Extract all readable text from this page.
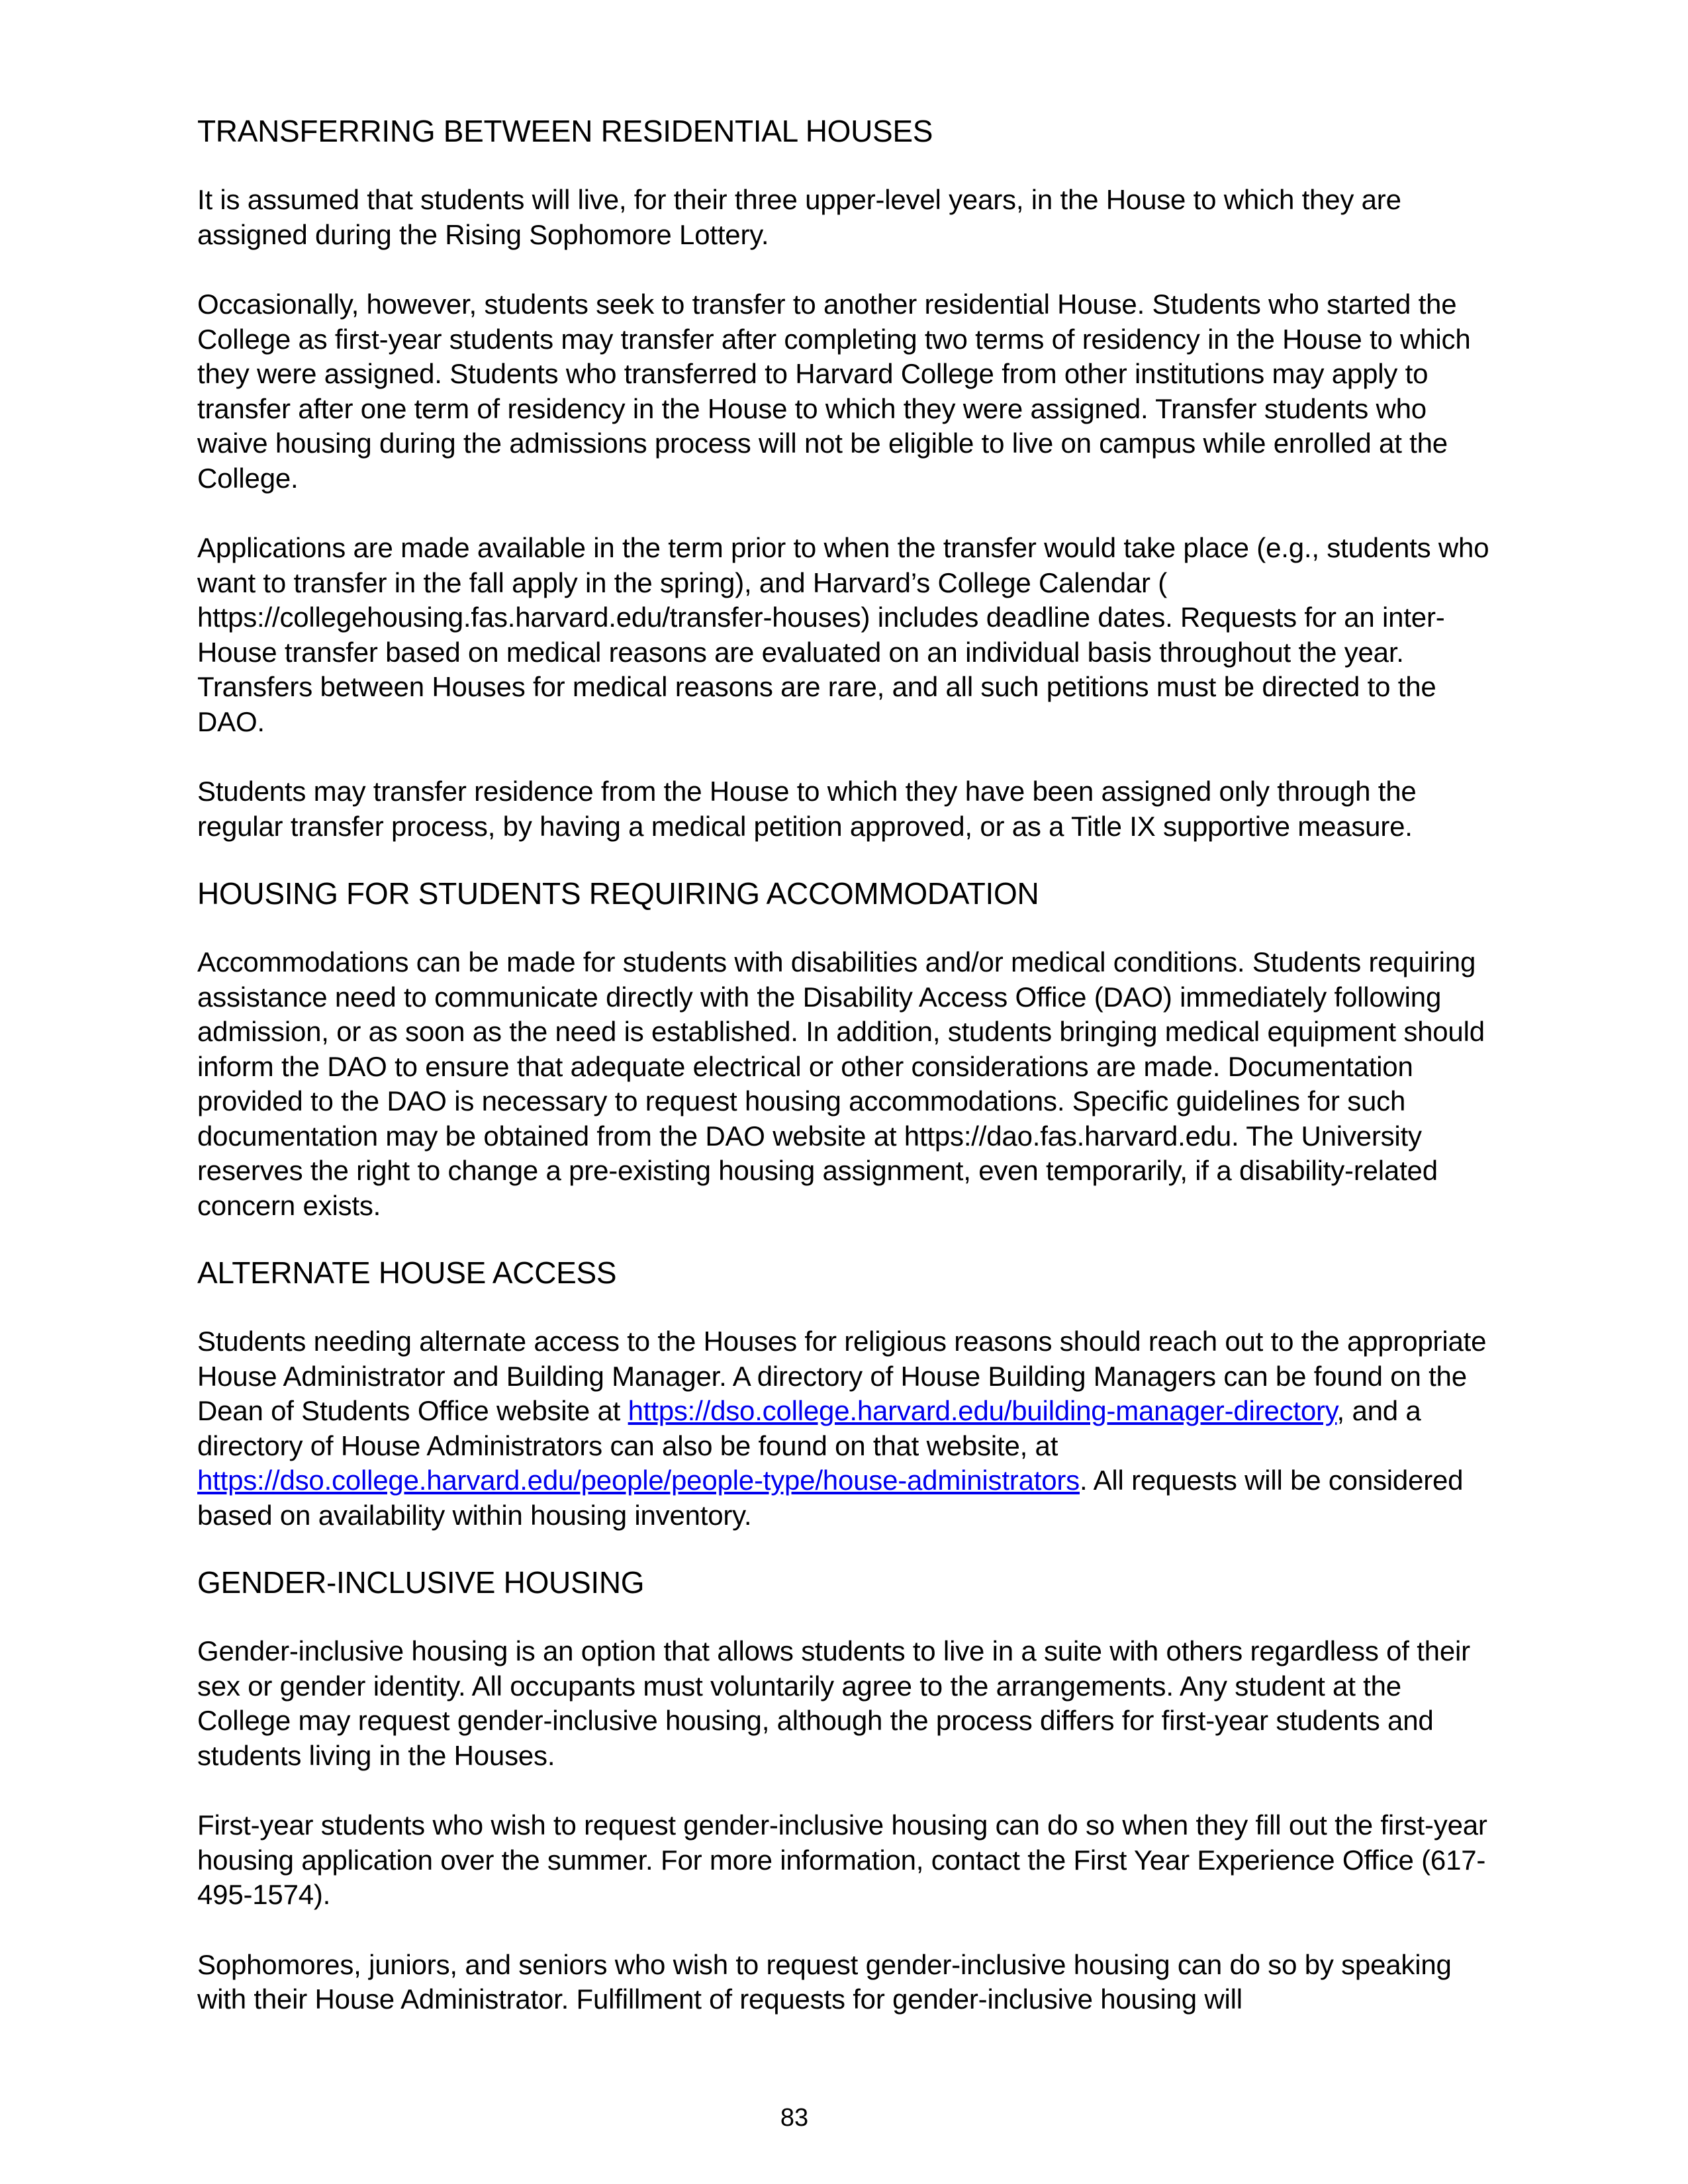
TRANSFERRING BETWEEN RESIDENTIAL HOUSES

It is assumed that students will live, for their three upper-level years, in the House to which they are assigned during the Rising Sophomore Lottery.

Occasionally, however, students seek to transfer to another residential House. Students who started the College as first-year students may transfer after completing two terms of residency in the House to which they were assigned. Students who transferred to Harvard College from other institutions may apply to transfer after one term of residency in the House to which they were assigned. Transfer students who waive housing during the admissions process will not be eligible to live on campus while enrolled at the College.

Applications are made available in the term prior to when the transfer would take place (e.g., students who want to transfer in the fall apply in the spring), and Harvard’s College Calendar ( https://collegehousing.fas.harvard.edu/transfer-houses) includes deadline dates. Requests for an inter-House transfer based on medical reasons are evaluated on an individual basis throughout the year. Transfers between Houses for medical reasons are rare, and all such petitions must be directed to the DAO.

Students may transfer residence from the House to which they have been assigned only through the regular transfer process, by having a medical petition approved, or as a Title IX supportive measure.

HOUSING FOR STUDENTS REQUIRING ACCOMMODATION

Accommodations can be made for students with disabilities and/or medical conditions. Students requiring assistance need to communicate directly with the Disability Access Office (DAO) immediately following admission, or as soon as the need is established. In addition, students bringing medical equipment should inform the DAO to ensure that adequate electrical or other considerations are made. Documentation provided to the DAO is necessary to request housing accommodations. Specific guidelines for such documentation may be obtained from the DAO website at https://dao.fas.harvard.edu. The University reserves the right to change a pre-existing housing assignment, even temporarily, if a disability-related concern exists.

ALTERNATE HOUSE ACCESS

Students needing alternate access to the Houses for religious reasons should reach out to the appropriate House Administrator and Building Manager. A directory of House Building Managers can be found on the Dean of Students Office website at https://dso.college.harvard.edu/building-manager-directory, and a directory of House Administrators can also be found on that website, at https://dso.college.harvard.edu/people/people-type/house-administrators. All requests will be considered based on availability within housing inventory.

GENDER-INCLUSIVE HOUSING

Gender-inclusive housing is an option that allows students to live in a suite with others regardless of their sex or gender identity. All occupants must voluntarily agree to the arrangements. Any student at the College may request gender-inclusive housing, although the process differs for first-year students and students living in the Houses.

First-year students who wish to request gender-inclusive housing can do so when they fill out the first-year housing application over the summer. For more information, contact the First Year Experience Office (617-495-1574).

Sophomores, juniors, and seniors who wish to request gender-inclusive housing can do so by speaking with their House Administrator. Fulfillment of requests for gender-inclusive housing will

83
